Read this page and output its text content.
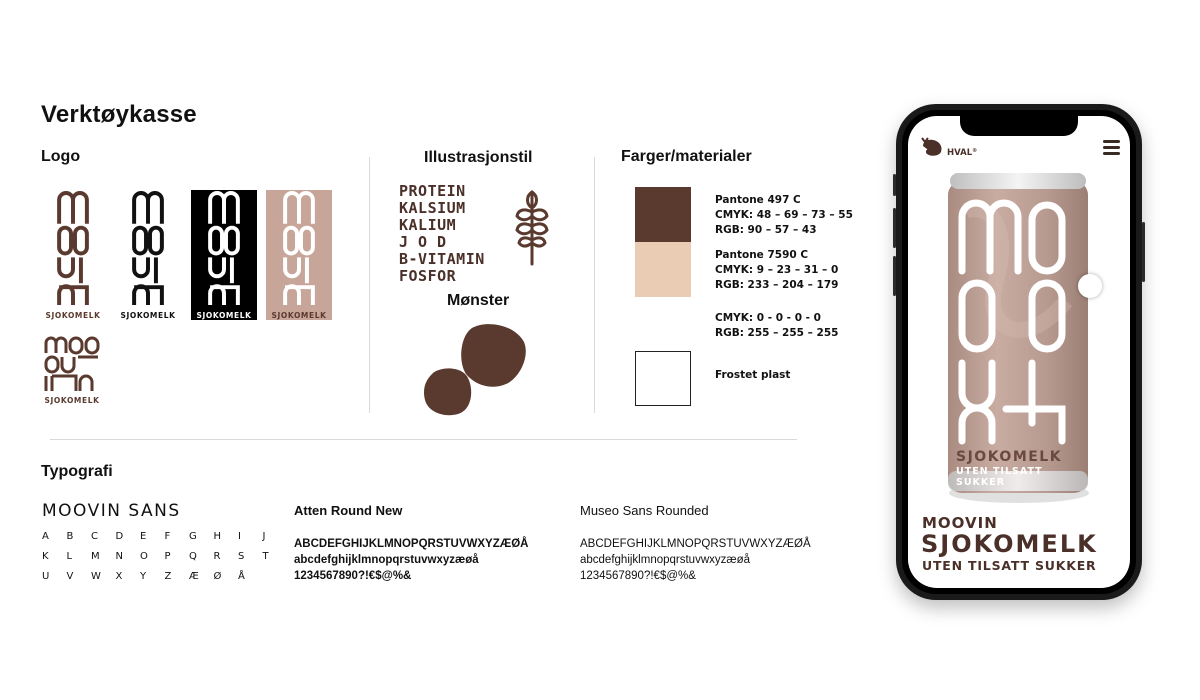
Verktøykasse
Logo	Illustrasjonstil
Mønster
Farger/materialer
Typografi
SJOKOMELK	SJOKOMELK	SJOKOMELK	SJOKOMELK
SJOKOMELK
PROTEIN
KALSIUM
KALIUM
JOD
B-VITAMIN
FOSFOR
Pantone 497 C
CMYK: 48 – 69 – 73 – 55
RGB: 90 – 57 – 43
Pantone 7590 C
CMYK: 9 – 23 – 31 – 0
RGB: 233 – 204 – 179
CMYK: 0 - 0 - 0 - 0
RGB: 255 – 255 – 255
Frostet plast
MOOVIN SANS
A	B	C	D	E	F	G	H	I	J
K	L	M	N	O	P	Q	R	S	T
U	V	W	X	Y	Z	Æ	Ø	Å
Atten Round New
ABCDEFGHIJKLMNOPQRSTUVWXYZÆØÅ
abcdefghijklmnopqrstuvwxyzæøå
1234567890?!€$@%&
Museo Sans Rounded
ABCDEFGHIJKLMNOPQRSTUVWXYZÆØÅ
abcdefghijklmnopqrstuvwxyzæøå
1234567890?!€$@%&
HVAL®
SJOKOMELK
UTEN TILSATT
SUKKER
MOOVIN
SJOKOMELK
UTEN TILSATT SUKKER
